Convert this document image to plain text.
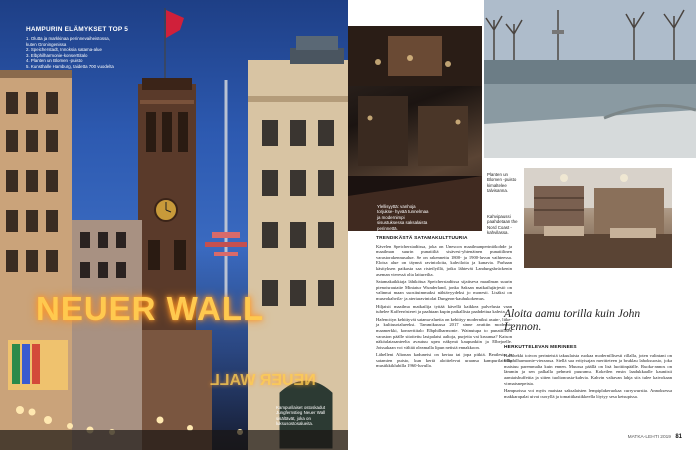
HAMPURIN ELÄMYKSET TOP 5
1. Olutta ja markkinaa perinnevaiheistossa,
kuten Groningenissa
2. Speicherstadt, Innoksia satama-alue
3. Elbphilharmonie-konserttitalo
4. Planten un Blomen -puisto
5. Kunsthalle Hamburg, taidetta 700 vuodelta
NEUER WALL
NEUER WALL
Kampurilaiset ostoskadut Jungfernstieg Neuer Wall sisältävät, joka on luksusostosalueita.
Ylellisyyttä: vanhoja torjukse- hyvää tunnelmaa ja modernimpi sisustuksessa saksalaista perinnettä.
Planten un Blomen -puisto kimaltelee talvisanna.
Kahvipaussi paahdetaan the Nord Coast -kahvilassa.
TRENDIKÄSTÄ SATAMAKULTTUURIA

Kävelen Speicherstadtissa, joka on Unescon maailmanperintökohde ja maailman suurin punatiiliä sisävesi-yhtenäinen punatiilinen varastorakennusalue. Se on rakennettu 1800- ja 1900-luvun vaihteessa. Eloisa alue on täynnä ravintoloita, kahviloita ja kanavia. Parhaan käsityksen paikasta saa risteilyillä, jotka lähtevät Landungsbrückenin aseman vieressä olta laitureilta.

Satamakaikkiaja lähikötua Speicherstadtissa sijaitseva maailman suurin pienoisrautatie Miniatur Wunderland, jonka Saksan matkailujärjestö on valinnut maan suosituimmaksi nähtävyydeksi jo monesti. Lisäksi on museokahvila- ja ateriaravintolat Dungeon-kauhukokemus.

Hiljaisit maailma matkailija tyttää kävellä kaikkea palvelusta vaan tuhelee Kaffeerösterei ja paahtaan kupin paikallista paahdettua kahvia.

Hafencityn kehittyvät satama-alueita on kehittyy moderniksi asuin-, liike- ja kulttuurialueeksi. Tammikuussa 2017 sinne avattiin modernia maamerkki, konserttitalo Elbphilharmonie. Wainutupa to punatiilisen varaston päälle sitoitettu lasipalatsi aaltoja, purjeita vai kruunua? Kaison näköalatasanteelta avautuu upea näkymä kaupunkiin ja Elbejoelle. Joissakaan voi vältää oleamalla lipun netistä ennakkoon.

Lähelleni Altonan kaduneisi on kertaa tai jopa pitkiä. Beatlesin ja satamien puisto, kun kertä aloittelevat uraansa kampurilaisella musiikkiklubilla 1960-luvulla.

Aloita aamu torilla kuin John Lennon.
HERKUTTELEVAN MERINEES

Hallihekki toivon perinteistä takuulaista ruokaa modernillisesti rillalla, joten valintani on Elbphilharmonie-vieraassa. Siellä saa erityisajan meritieteen ja bruklau lahoksuosio, joka maistuu paremmalta kuin ennen. Muussa päällä on lisä luottiinpäälle. Ruoka-annos on lämmin ja sen palkalla pehmeä puuramu. Kokeilen ensin laadukkaalle kauniisti aamiaisbuffettia ja sitten tuoltonrasia-kahvia. Kahvin valtavan lahja siis tulee kaivokaan virmaisnepeista.

Hampurissa voi myös maistaa saksalaisten lempiplakeruokaa currywurstia. Annoksessa makkarapalat uivat curryllä ja tomattikastikkeella löytyy sesa ketsupissa.

MATKA-LEHTI 2019 81
